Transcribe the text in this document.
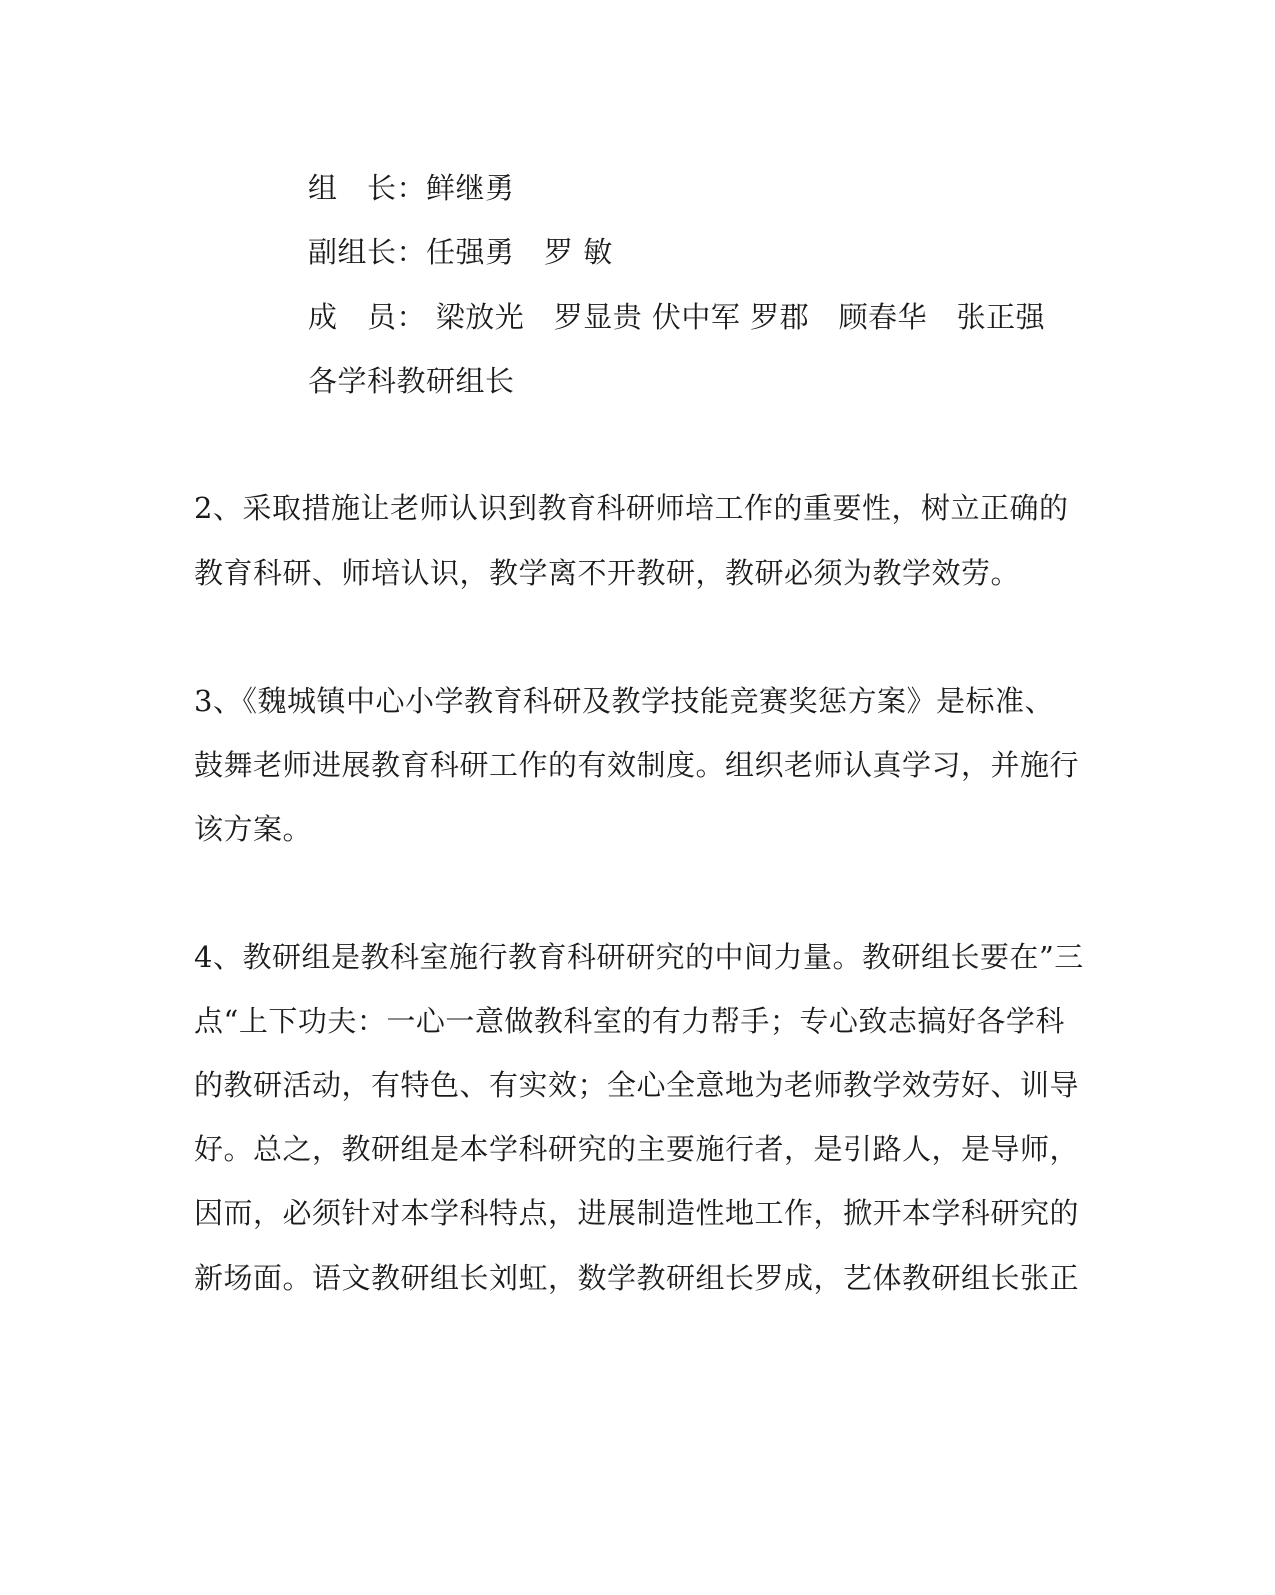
组　长：鲜继勇
副组长：任强勇　罗 敏
成　员： 梁放光　罗显贵 伏中军 罗郡　顾春华　张正强
各学科教研组长
2、采取措施让老师认识到教育科研师培工作的重要性，树立正确的
教育科研、师培认识，教学离不开教研，教研必须为教学效劳。
3、《魏城镇中心小学教育科研及教学技能竞赛奖惩方案》是标准、
鼓舞老师进展教育科研工作的有效制度。组织老师认真学习，并施行
该方案。
4、教研组是教科室施行教育科研研究的中间力量。教研组长要在”三
点“上下功夫：一心一意做教科室的有力帮手；专心致志搞好各学科
的教研活动，有特色、有实效；全心全意地为老师教学效劳好、训导
好。总之，教研组是本学科研究的主要施行者，是引路人，是导师，
因而，必须针对本学科特点，进展制造性地工作，掀开本学科研究的
新场面。语文教研组长刘虹，数学教研组长罗成，艺体教研组长张正
